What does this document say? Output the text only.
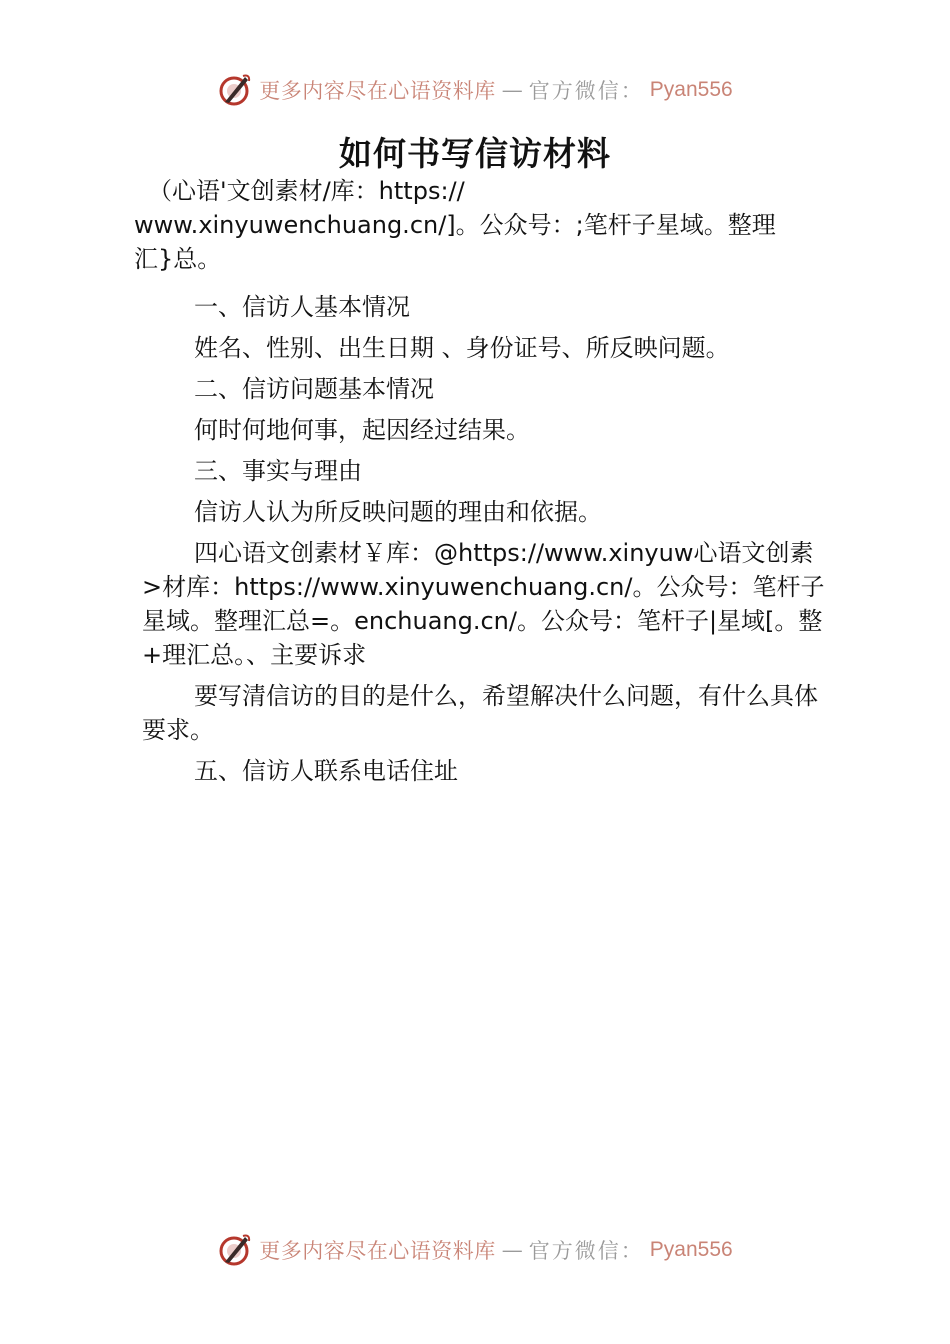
更多内容尽在心语资料库 — 官方微信： Pyan556
如何书写信访材料
（心语'文创素材/库：https://
www.xinyuwenchuang.cn/]。公众号：;笔杆子星域。整理
汇}总。

一、信访人基本情况

姓名、性别、出生日期 、身份证号、所反映问题。

二、信访问题基本情况

何时何地何事，起因经过结果。

三、事实与理由

信访人认为所反映问题的理由和依据。

四心语文创素材￥库：@https://www.xinyuw心语文创素>材库：https://www.xinyuwenchuang.cn/。公众号：笔杆子星域。整理汇总=。enchuang.cn/。公众号：笔杆子|星域[。整+理汇总。、主要诉求

要写清信访的目的是什么，希望解决什么问题，有什么具体要求。

五、信访人联系电话住址

更多内容尽在心语资料库 — 官方微信： Pyan556
